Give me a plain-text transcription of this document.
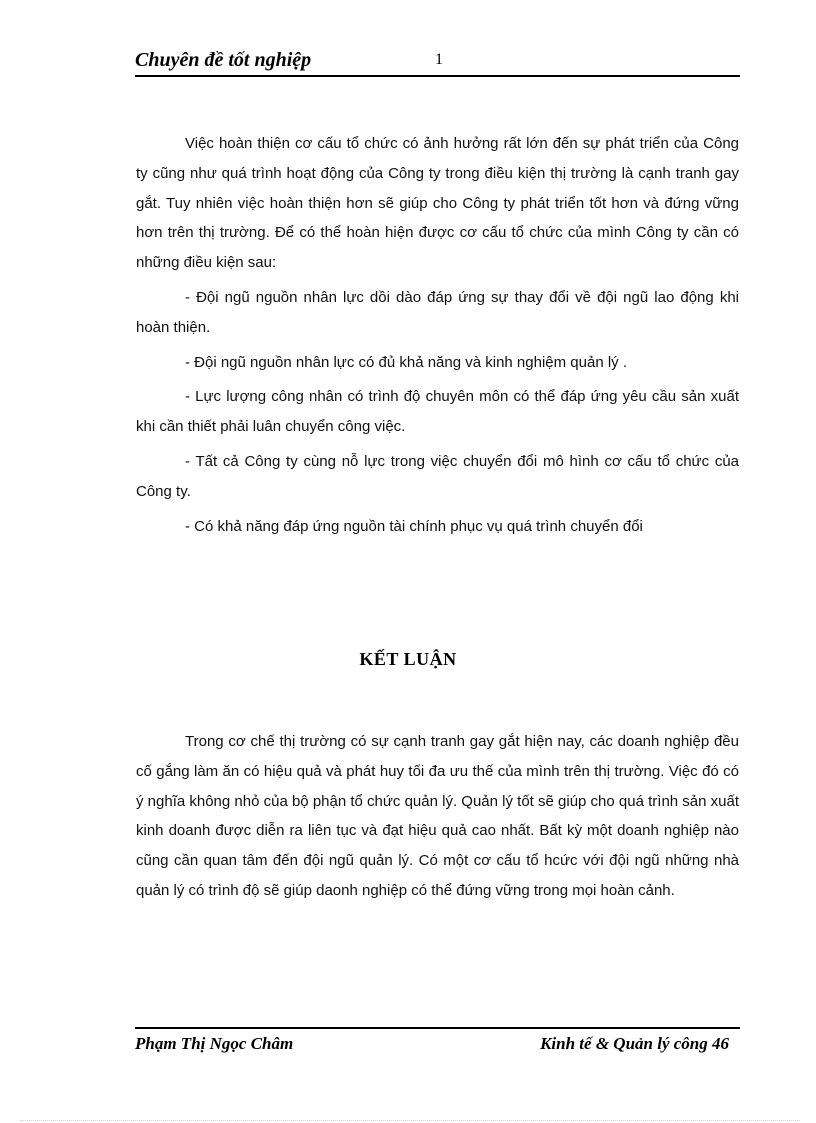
Chuyên đề tốt nghiệp	1

Việc hoàn thiện cơ cấu tổ chức có ảnh hưởng rất lớn đến sự phát triển của Công ty cũng như quá trình hoạt động của Công ty trong điều kiện thị trường là cạnh tranh gay gắt. Tuy nhiên việc hoàn thiện hơn sẽ giúp cho Công ty phát triển tốt hơn và đứng vững hơn trên thị trường. Để có thể hoàn hiện được cơ cấu tổ chức của mình Công ty cần có những điều kiện sau:

- Đội ngũ nguồn nhân lực dồi dào đáp ứng sự thay đổi về đội ngũ lao động khi hoàn thiện.

- Đội ngũ nguồn nhân lực có đủ khả năng và kinh nghiệm quản lý .

- Lực lượng công nhân có trình độ chuyên môn có thể đáp ứng yêu cầu sản xuất khi cần thiết phải luân chuyển công việc.

- Tất cả Công ty cùng nỗ lực trong việc chuyển đổi mô hình cơ cấu tổ chức của Công ty.

- Có khả năng đáp ứng nguồn tài chính phục vụ quá trình chuyển đổi

KẾT LUẬN

Trong cơ chế thị trường có sự cạnh tranh gay gắt hiện nay, các doanh nghiệp đều cố gắng làm ăn có hiệu quả và phát huy tối đa ưu thế của mình trên thị trường. Việc đó có ý nghĩa không nhỏ của bộ phận tổ chức quản lý. Quản lý tốt sẽ giúp cho quá trình sản xuất kinh doanh được diễn ra liên tục và đạt hiệu quả cao nhất. Bất kỳ một doanh nghiệp nào cũng cần quan tâm đến đội ngũ quản lý. Có một cơ cấu tổ hcức với đội ngũ những nhà quản lý có trình độ sẽ giúp daonh nghiệp có thể đứng vững trong mọi hoàn cảnh.

Phạm Thị Ngọc Châm	Kinh tế & Quản lý công 46
